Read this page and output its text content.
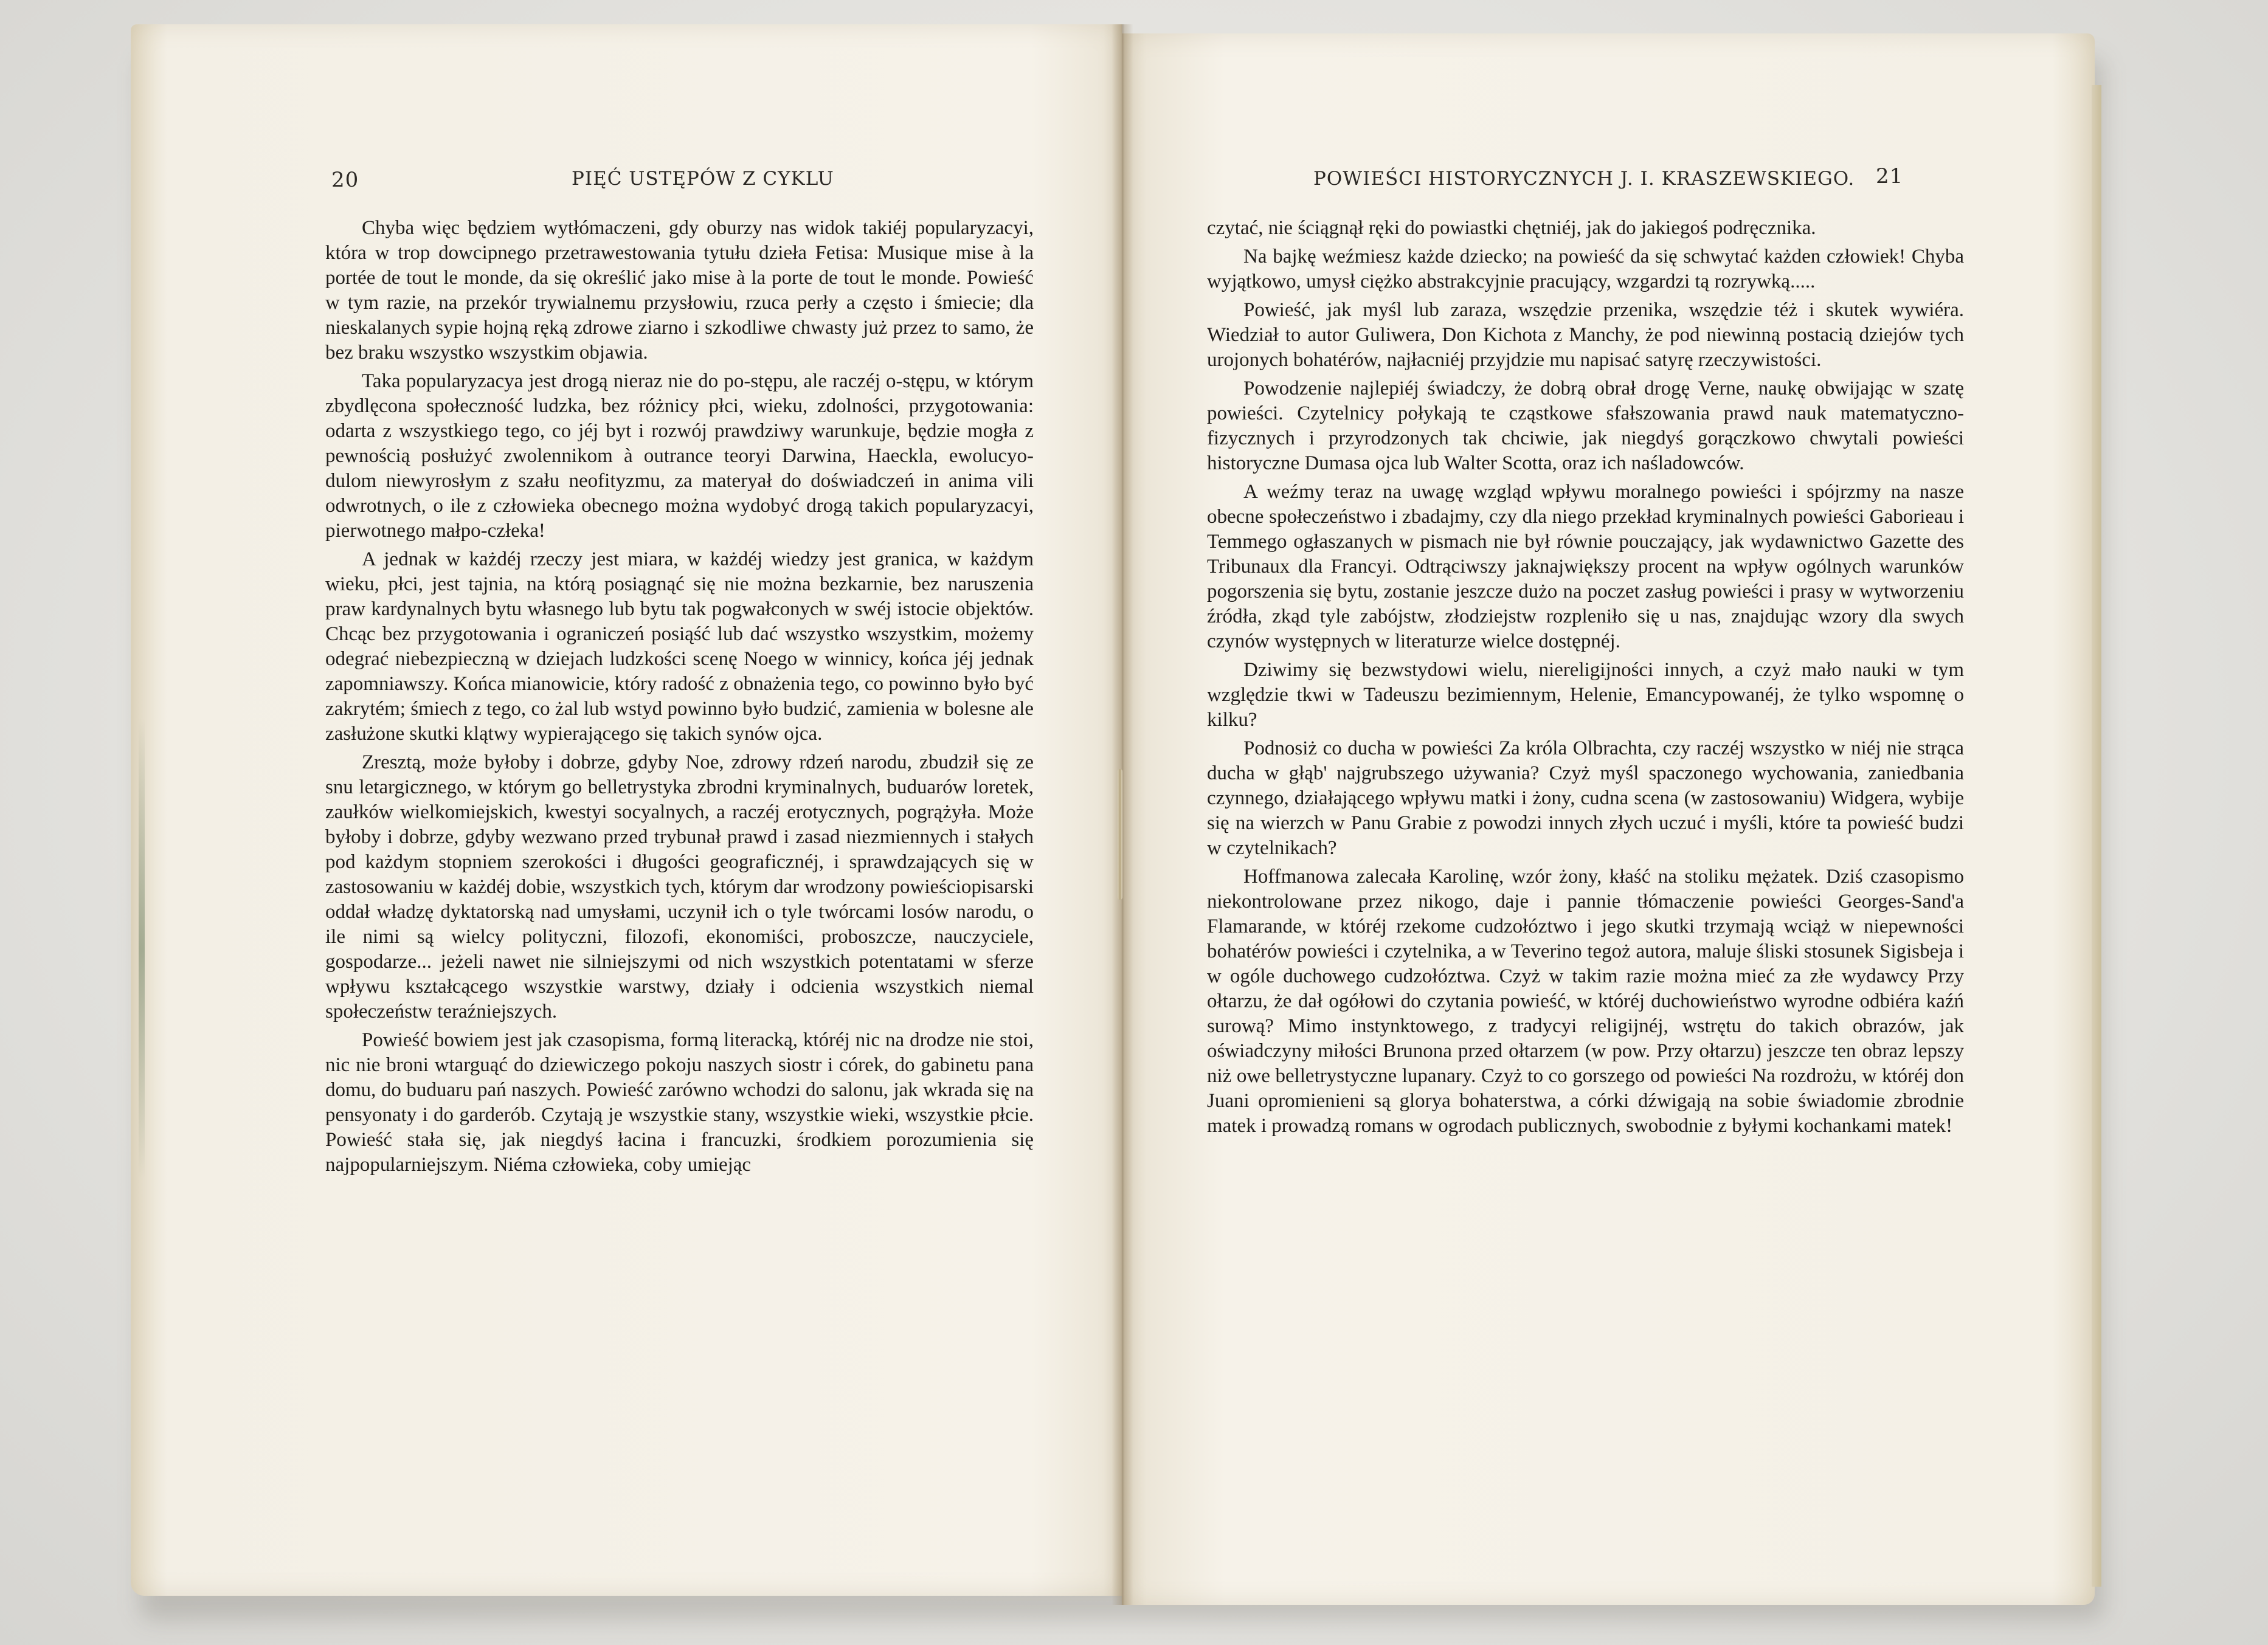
20	PIĘĆ USTĘPÓW Z CYKLU	POWIEŚCI HISTORYCZNYCH J. I. KRASZEWSKIEGO. 21

Chyba więc będziem wytłómaczeni, gdy oburzy nas widok takiéj popularyzacyi, która w trop dowcipnego przetrawestowania tytułu dzieła Fetisa: Musique mise à la portée de tout le monde, da się określić jako mise à la porte de tout le monde. Powieść w tym razie, na przekór trywialnemu przysłowiu, rzuca perły a często i śmiecie; dla nieskalanych sypie hojną ręką zdrowe ziarno i szkodliwe chwasty już przez to samo, że bez braku wszystko wszystkim objawia.

Taka popularyzacya jest drogą nieraz nie do po-stępu, ale raczéj o-stępu, w którym zbydlęcona społeczność ludzka, bez różnicy płci, wieku, zdolności, przygotowania: odarta z wszystkiego tego, co jéj byt i rozwój prawdziwy warunkuje, będzie mogła z pewnością posłużyć zwolennikom à outrance teoryi Darwina, Haeckla, ewolucyo-dulom niewyrosłym z szału neofityzmu, za materyał do doświadczeń in anima vili odwrotnych, o ile z człowieka obecnego można wydobyć drogą takich popularyzacyi, pierwotnego małpo-człeka!

A jednak w każdéj rzeczy jest miara, w każdéj wiedzy jest granica, w każdym wieku, płci, jest tajnia, na którą posiągnąć się nie można bezkarnie, bez naruszenia praw kardynalnych bytu własnego lub bytu tak pogwałconych w swéj istocie objektów. Chcąc bez przygotowania i ograniczeń posiąść lub dać wszystko wszystkim, możemy odegrać niebezpieczną w dziejach ludzkości scenę Noego w winnicy, końca jéj jednak zapomniawszy. Końca mianowicie, który radość z obnażenia tego, co powinno było być zakrytém; śmiech z tego, co żal lub wstyd powinno było budzić, zamienia w bolesne ale zasłużone skutki klątwy wypierającego się takich synów ojca.

Zresztą, może byłoby i dobrze, gdyby Noe, zdrowy rdzeń narodu, zbudził się ze snu letargicznego, w którym go belletrystyka zbrodni kryminalnych, buduarów loretek, zaułków wielkomiejskich, kwestyi socyalnych, a raczéj erotycznych, pogrążyła. Może byłoby i dobrze, gdyby wezwano przed trybunał prawd i zasad niezmiennych i stałych pod każdym stopniem szerokości i długości geograficznéj, i sprawdzających się w zastosowaniu w każdéj dobie, wszystkich tych, którym dar wrodzony powieściopisarski oddał władzę dyktatorską nad umysłami, uczynił ich o tyle twórcami losów narodu, o ile nimi są wielcy polityczni, filozofi, ekonomiści, proboszcze, nauczyciele, gospodarze... jeżeli nawet nie silniejszymi od nich wszystkich potentatami w sferze wpływu kształcącego wszystkie warstwy, działy i odcienia wszystkich niemal społeczeństw teraźniejszych.

Powieść bowiem jest jak czasopisma, formą literacką, któréj nic na drodze nie stoi, nic nie broni wtarguąć do dziewiczego pokoju naszych siostr i córek, do gabinetu pana domu, do buduaru pań naszych. Powieść zarówno wchodzi do salonu, jak wkrada się na pensyonaty i do garderób. Czytają je wszystkie stany, wszystkie wieki, wszystkie płcie. Powieść stała się, jak niegdyś łacina i francuzki, środkiem porozumienia się najpopularniejszym. Niéma człowieka, coby umiejąc

czytać, nie ściągnął ręki do powiastki chętniéj, jak do jakiegoś podręcznika.

Na bajkę weźmiesz każde dziecko; na powieść da się schwytać każden człowiek! Chyba wyjątkowo, umysł ciężko abstrakcyjnie pracujący, wzgardzi tą rozrywką.....

Powieść, jak myśl lub zaraza, wszędzie przenika, wszędzie téż i skutek wywiéra. Wiedział to autor Guliwera, Don Kichota z Manchy, że pod niewinną postacią dziejów tych urojonych bohatérów, najłacniéj przyjdzie mu napisać satyrę rzeczywistości.

Powodzenie najlepiéj świadczy, że dobrą obrał drogę Verne, naukę obwijając w szatę powieści. Czytelnicy połykają te cząstkowe sfałszowania prawd nauk matematyczno-fizycznych i przyrodzonych tak chciwie, jak niegdyś gorączkowo chwytali powieści historyczne Dumasa ojca lub Walter Scotta, oraz ich naśladowców.

A weźmy teraz na uwagę wzgląd wpływu moralnego powieści i spójrzmy na nasze obecne społeczeństwo i zbadajmy, czy dla niego przekład kryminalnych powieści Gaborieau i Temmego ogłaszanych w pismach nie był równie pouczający, jak wydawnictwo Gazette des Tribunaux dla Francyi. Odtrąciwszy jaknajwiększy procent na wpływ ogólnych warunków pogorszenia się bytu, zostanie jeszcze dużo na poczet zasług powieści i prasy w wytworzeniu źródła, zkąd tyle zabójstw, złodziejstw rozpleniło się u nas, znajdując wzory dla swych czynów występnych w literaturze wielce dostępnéj.

Dziwimy się bezwstydowi wielu, niereligijności innych, a czyż mało nauki w tym względzie tkwi w Tadeuszu bezimiennym, Helenie, Emancypowanéj, że tylko wspomnę o kilku?

Podnosiż co ducha w powieści Za króla Olbrachta, czy raczéj wszystko w niéj nie strąca ducha w głąb' najgrubszego używania? Czyż myśl spaczonego wychowania, zaniedbania czynnego, działającego wpływu matki i żony, cudna scena (w zastosowaniu) Widgera, wybije się na wierzch w Panu Grabie z powodzi innych złych uczuć i myśli, które ta powieść budzi w czytelnikach?

Hoffmanowa zalecała Karolinę, wzór żony, kłaść na stoliku mężatek. Dziś czasopismo niekontrolowane przez nikogo, daje i pannie tłómaczenie powieści Georges-Sand'a Flamarande, w któréj rzekome cudzołóztwo i jego skutki trzymają wciąż w niepewności bohatérów powieści i czytelnika, a w Teverino tegoż autora, maluje śliski stosunek Sigisbeja i w ogóle duchowego cudzołóztwa. Czyż w takim razie można mieć za złe wydawcy Przy ołtarzu, że dał ogółowi do czytania powieść, w któréj duchowieństwo wyrodne odbiéra kaźń surową? Mimo instynktowego, z tradycyi religijnéj, wstrętu do takich obrazów, jak oświadczyny miłości Brunona przed ołtarzem (w pow. Przy ołtarzu) jeszcze ten obraz lepszy niż owe belletrystyczne lupanary. Czyż to co gorszego od powieści Na rozdrożu, w któréj don Juani opromienieni są glorya bohaterstwa, a córki dźwigają na sobie świadomie zbrodnie matek i prowadzą romans w ogrodach publicznych, swobodnie z byłymi kochankami matek!
